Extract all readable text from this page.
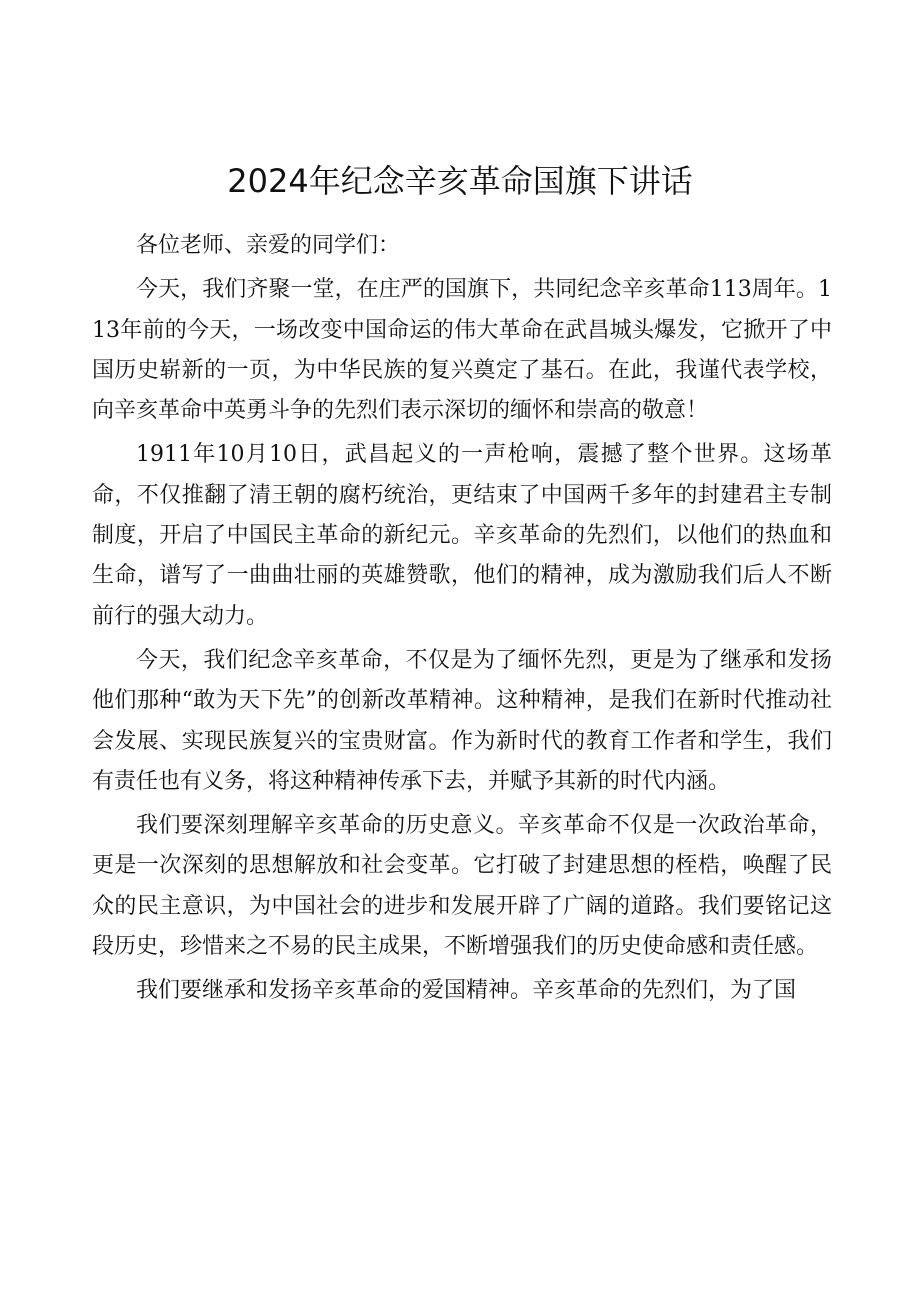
2024年纪念辛亥革命国旗下讲话

各位老师、亲爱的同学们：

今天，我们齐聚一堂，在庄严的国旗下，共同纪念辛亥革命113周年。113年前的今天，一场改变中国命运的伟大革命在武昌城头爆发，它掀开了中国历史崭新的一页，为中华民族的复兴奠定了基石。在此，我谨代表学校，向辛亥革命中英勇斗争的先烈们表示深切的缅怀和崇高的敬意！

1911年10月10日，武昌起义的一声枪响，震撼了整个世界。这场革命，不仅推翻了清王朝的腐朽统治，更结束了中国两千多年的封建君主专制制度，开启了中国民主革命的新纪元。辛亥革命的先烈们，以他们的热血和生命，谱写了一曲曲壮丽的英雄赞歌，他们的精神，成为激励我们后人不断前行的强大动力。

今天，我们纪念辛亥革命，不仅是为了缅怀先烈，更是为了继承和发扬他们那种“敢为天下先”的创新改革精神。这种精神，是我们在新时代推动社会发展、实现民族复兴的宝贵财富。作为新时代的教育工作者和学生，我们有责任也有义务，将这种精神传承下去，并赋予其新的时代内涵。

我们要深刻理解辛亥革命的历史意义。辛亥革命不仅是一次政治革命，更是一次深刻的思想解放和社会变革。它打破了封建思想的桎梏，唤醒了民众的民主意识，为中国社会的进步和发展开辟了广阔的道路。我们要铭记这段历史，珍惜来之不易的民主成果，不断增强我们的历史使命感和责任感。

我们要继承和发扬辛亥革命的爱国精神。辛亥革命的先烈们，为了国
